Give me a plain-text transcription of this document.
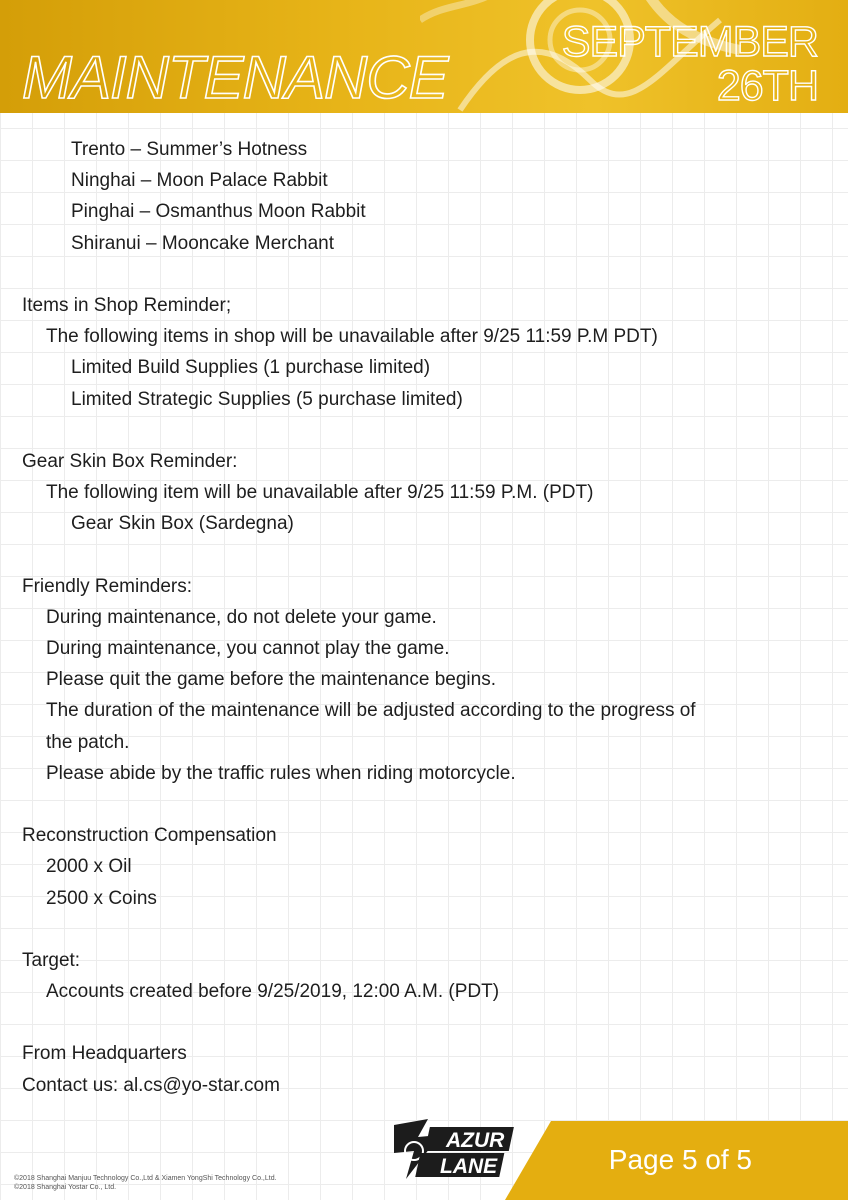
MAINTENANCE
SEPTEMBER
26TH
Trento – Summer’s Hotness
Ninghai – Moon Palace Rabbit
Pinghai – Osmanthus Moon Rabbit
Shiranui – Mooncake Merchant
Items in Shop Reminder;
The following items in shop will be unavailable after 9/25 11:59 P.M PDT)
Limited Build Supplies (1 purchase limited)
Limited Strategic Supplies (5 purchase limited)
Gear Skin Box Reminder:
The following item will be unavailable after 9/25 11:59 P.M. (PDT)
Gear Skin Box (Sardegna)
Friendly Reminders:
During maintenance, do not delete your game.
During maintenance, you cannot play the game.
Please quit the game before the maintenance begins.
The duration of the maintenance will be adjusted according to the progress of
the patch.
Please abide by the traffic rules when riding motorcycle.
Reconstruction Compensation
2000 x Oil
2500 x Coins
Target:
Accounts created before 9/25/2019, 12:00 A.M. (PDT)
From Headquarters
Contact us: al.cs@yo-star.com
AZUR
LANE	Page 5 of 5
©2018 Shanghai Manjuu Technology Co.,Ltd & Xiamen YongShi Technology Co.,Ltd.
©2018 Shanghai Yostar Co., Ltd.
